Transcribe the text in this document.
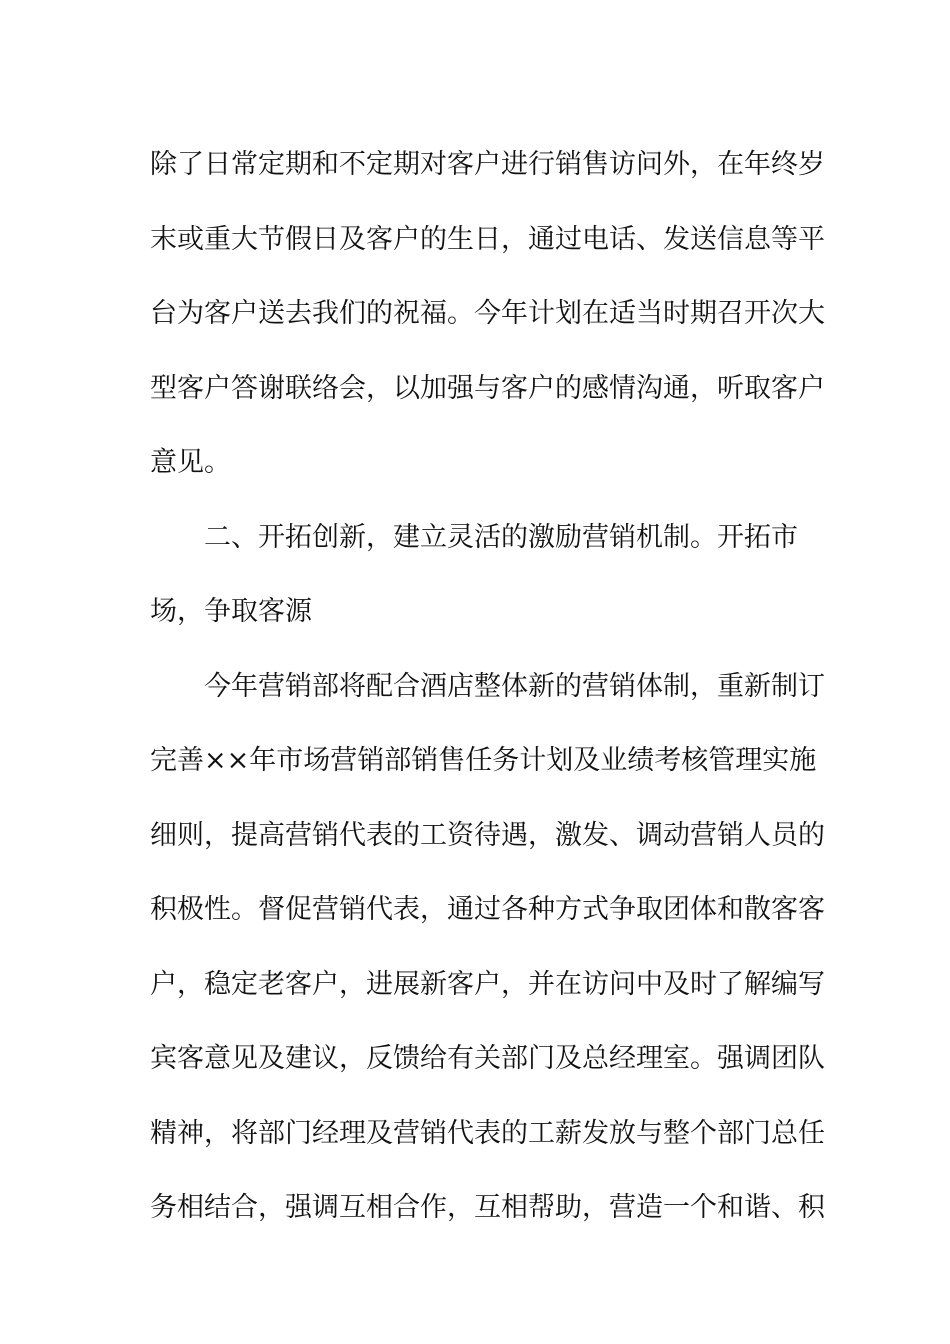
除了日常定期和不定期对客户进行销售访问外，在年终岁
末或重大节假日及客户的生日，通过电话、发送信息等平
台为客户送去我们的祝福。今年计划在适当时期召开次大
型客户答谢联络会，以加强与客户的感情沟通，听取客户
意见。
二、开拓创新，建立灵活的激励营销机制。开拓市
场，争取客源
今年营销部将配合酒店整体新的营销体制，重新制订
完善××年市场营销部销售任务计划及业绩考核管理实施
细则，提高营销代表的工资待遇，激发、调动营销人员的
积极性。督促营销代表，通过各种方式争取团体和散客客
户，稳定老客户，进展新客户，并在访问中及时了解编写
宾客意见及建议，反馈给有关部门及总经理室。强调团队
精神，将部门经理及营销代表的工薪发放与整个部门总任
务相结合，强调互相合作，互相帮助，营造一个和谐、积
